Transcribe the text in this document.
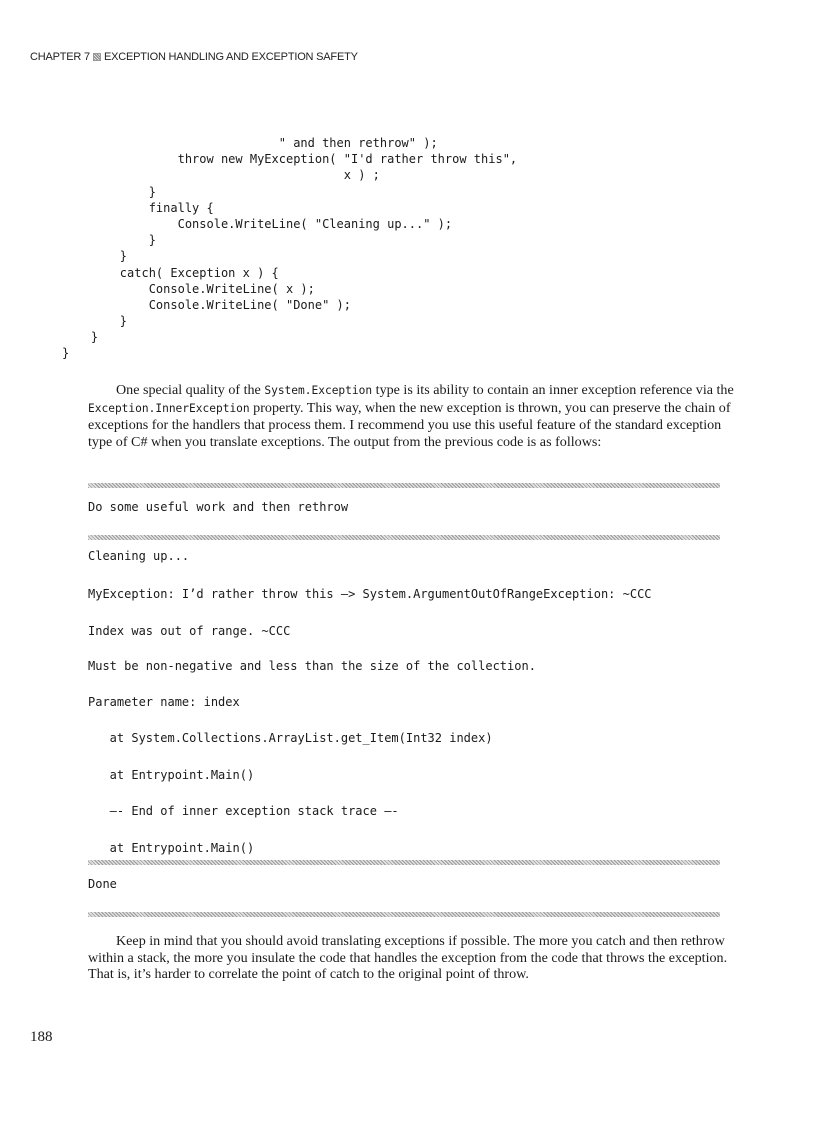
CHAPTER 7 EXCEPTION HANDLING AND EXCEPTION SAFETY
" and then rethrow" );
throw new MyException( "I'd rather throw this",
x ) ;
}
finally {
Console.WriteLine( "Cleaning up..." );
}
}
catch( Exception x ) {
Console.WriteLine( x );
Console.WriteLine( "Done" );
}
}
}

One special quality of the System.Exception type is its ability to contain an inner exception reference via the Exception.InnerException property. This way, when the new exception is thrown, you can preserve the chain of exceptions for the handlers that process them. I recommend you use this useful feature of the standard exception type of C# when you translate exceptions. The output from the previous code is as follows:

Do some useful work and then rethrow
Cleaning up...
MyException: I’d rather throw this —> System.ArgumentOutOfRangeException: ~CCC
Index was out of range. ~CCC
Must be non-negative and less than the size of the collection.
Parameter name: index
at System.Collections.ArrayList.get_Item(Int32 index)
at Entrypoint.Main()
—- End of inner exception stack trace —-
at Entrypoint.Main()
Done

Keep in mind that you should avoid translating exceptions if possible. The more you catch and then rethrow within a stack, the more you insulate the code that handles the exception from the code that throws the exception. That is, it’s harder to correlate the point of catch to the original point of throw.

188
